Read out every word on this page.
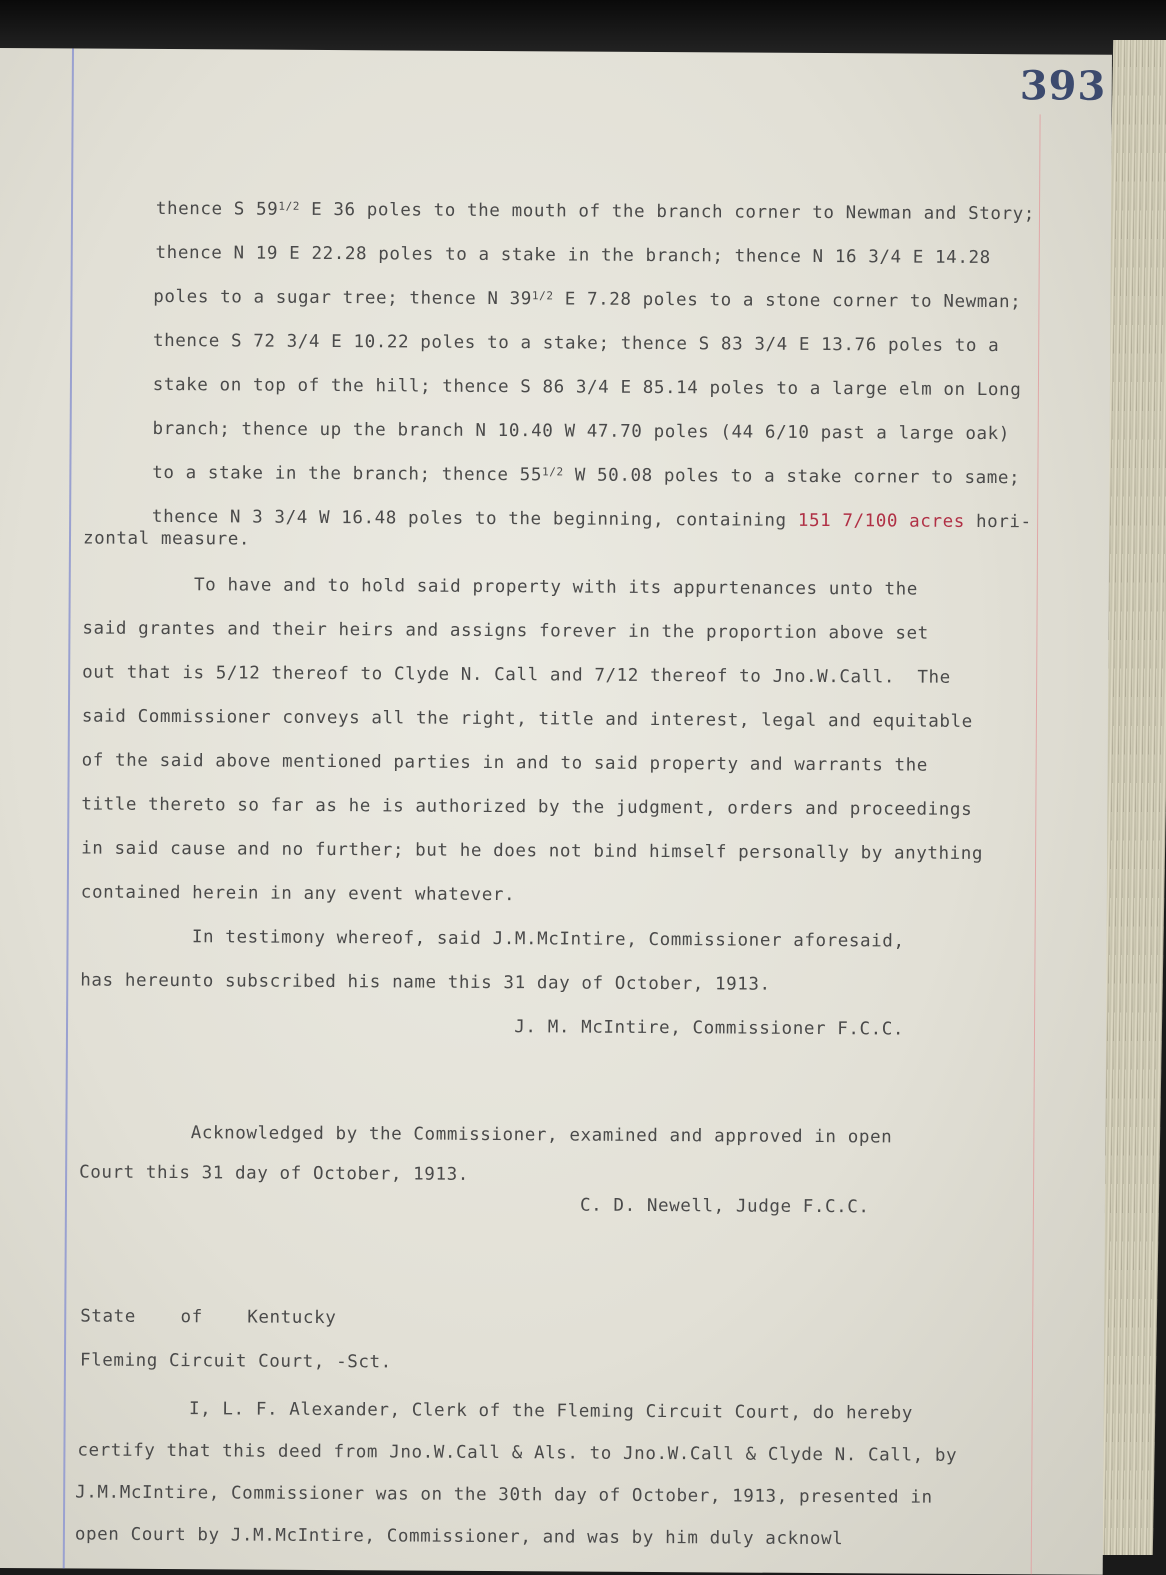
393

thence S $59^{1/2}$ E 36 poles to the mouth of the branch corner to Newman and Story;

thence N 19 E 22.28 poles to a stake in the branch; thence N 16 3/4 E 14.28

poles to a sugar tree; thence N $39^{1/2}$ E 7.28 poles to a stone corner to Newman;

thence S 72 3/4 E 10.22 poles to a stake; thence S 83 3/4 E 13.76 poles to a

stake on top of the hill; thence S 86 3/4 E 85.14 poles to a large elm on Long

branch; thence up the branch N 10.40 W 47.70 poles (44 6/10 past a large oak)

to a stake in the branch; thence $55^{1/2}$ W 50.08 poles to a stake corner to same;

thence N 3 3/4 W 16.48 poles to the beginning, containing 151 7/100 acres hori-

zontal measure.
To have and to hold said property with its appurtenances unto the
said grantes and their heirs and assigns forever in the proportion above set
out that is 5/12 thereof to Clyde N. Call and 7/12 thereof to Jno.W.Call.  The
said Commissioner conveys all the right, title and interest, legal and equitable
of the said above mentioned parties in and to said property and warrants the
title thereto so far as he is authorized by the judgment, orders and proceedings
in said cause and no further; but he does not bind himself personally by anything
contained herein in any event whatever.
In testimony whereof, said J.M.McIntire, Commissioner aforesaid,
has hereunto subscribed his name this 31 day of October, 1913.
J. M. McIntire, Commissioner F.C.C.
Acknowledged by the Commissioner, examined and approved in open
Court this 31 day of October, 1913.
C. D. Newell, Judge F.C.C.
State    of    Kentucky
Fleming Circuit Court, -Sct.
I, L. F. Alexander, Clerk of the Fleming Circuit Court, do hereby
certify that this deed from Jno.W.Call & Als. to Jno.W.Call & Clyde N. Call, by
J.M.McIntire, Commissioner was on the 30th day of October, 1913, presented in
open Court by J.M.McIntire, Commissioner, and was by him duly acknowl
